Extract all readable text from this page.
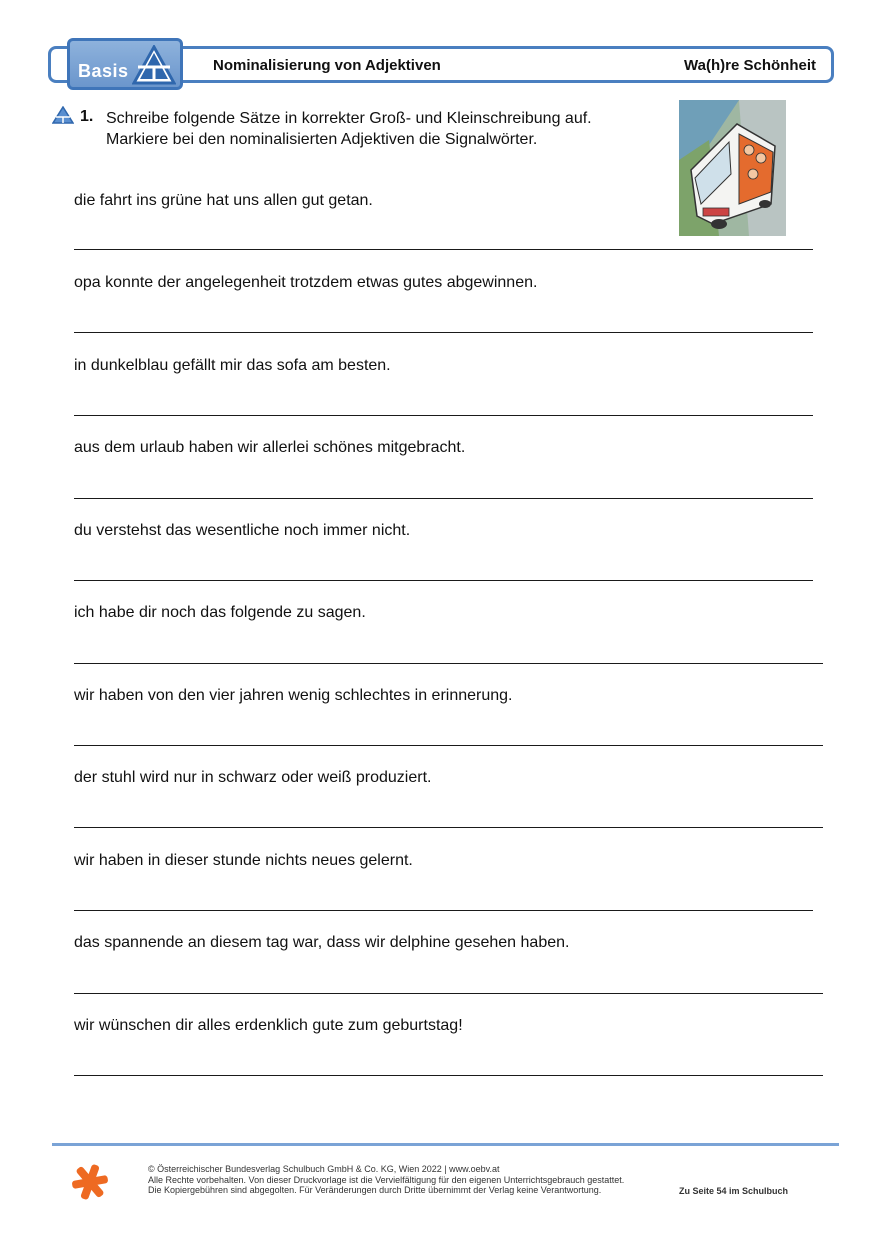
Basis	Nominalisierung von Adjektiven	Wa(h)re Schönheit
1. Schreibe folgende Sätze in korrekter Groß- und Kleinschreibung auf.
Markiere bei den nominalisierten Adjektiven die Signalwörter.
die fahrt ins grüne hat uns allen gut getan.
opa konnte der angelegenheit trotzdem etwas gutes abgewinnen.
in dunkelblau gefällt mir das sofa am besten.
aus dem urlaub haben wir allerlei schönes mitgebracht.
du verstehst das wesentliche noch immer nicht.
ich habe dir noch das folgende zu sagen.
wir haben von den vier jahren wenig schlechtes in erinnerung.
der stuhl wird nur in schwarz oder weiß produziert.
wir haben in dieser stunde nichts neues gelernt.
das spannende an diesem tag war, dass wir delphine gesehen haben.
wir wünschen dir alles erdenklich gute zum geburtstag!
© Österreichischer Bundesverlag Schulbuch GmbH & Co. KG, Wien 2022 | www.oebv.at
Alle Rechte vorbehalten. Von dieser Druckvorlage ist die Vervielfältigung für den eigenen Unterrichtsgebrauch gestattet.
Die Kopiergebühren sind abgegolten. Für Veränderungen durch Dritte übernimmt der Verlag keine Verantwortung.	Zu Seite 54 im Schulbuch
